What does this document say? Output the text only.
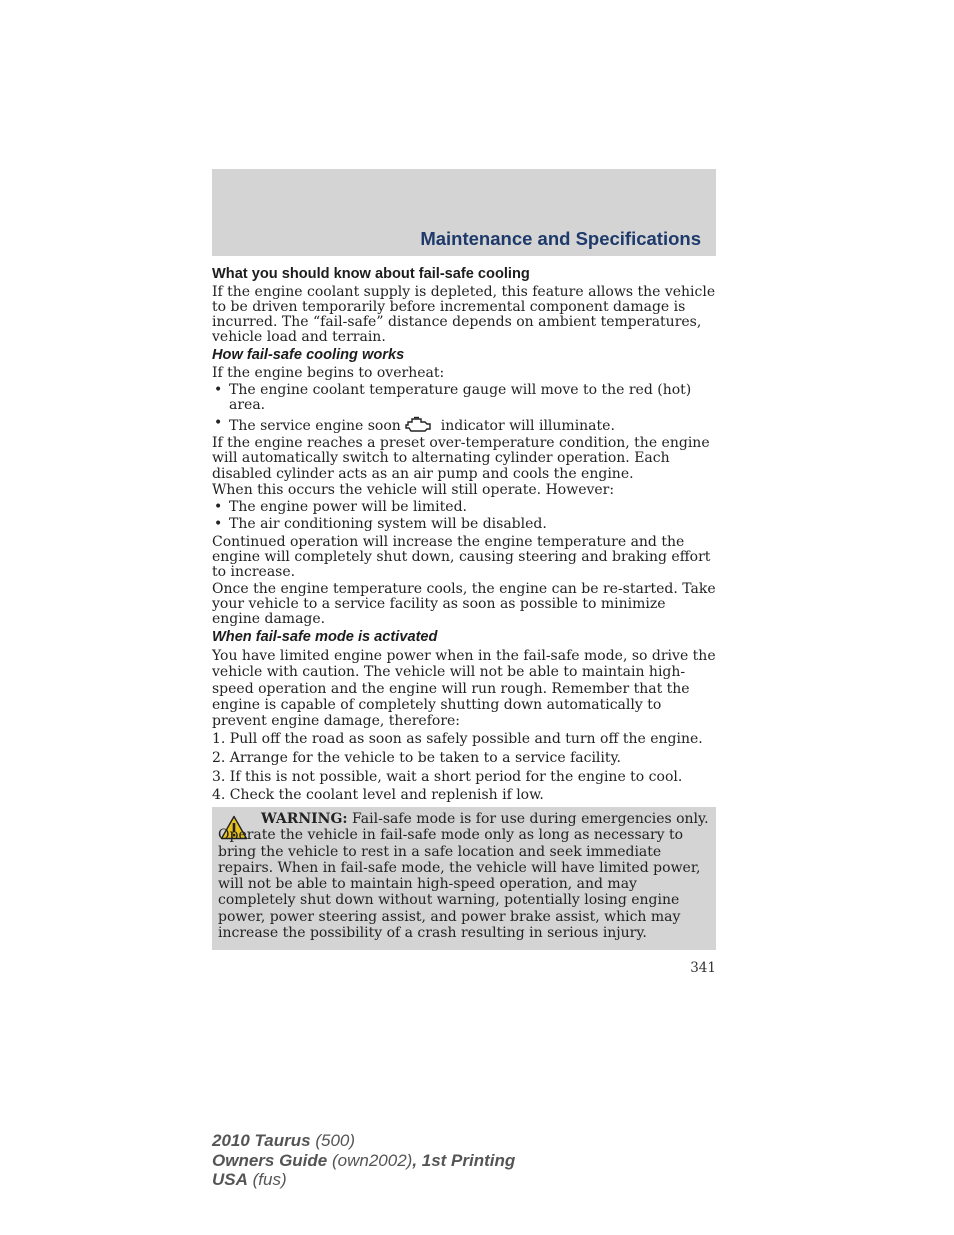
Maintenance and Specifications
What you should know about fail-safe cooling

If the engine coolant supply is depleted, this feature allows the vehicle to be driven temporarily before incremental component damage is incurred. The “fail-safe” distance depends on ambient temperatures, vehicle load and terrain.

How fail-safe cooling works

If the engine begins to overheat:

• The engine coolant temperature gauge will move to the red (hot) area.
• The service engine soon	indicator will illuminate.

If the engine reaches a preset over-temperature condition, the engine will automatically switch to alternating cylinder operation. Each disabled cylinder acts as an air pump and cools the engine.

When this occurs the vehicle will still operate. However:

• The engine power will be limited.
• The air conditioning system will be disabled.

Continued operation will increase the engine temperature and the engine will completely shut down, causing steering and braking effort to increase.

Once the engine temperature cools, the engine can be re-started. Take your vehicle to a service facility as soon as possible to minimize engine damage.

When fail-safe mode is activated

You have limited engine power when in the fail-safe mode, so drive the vehicle with caution. The vehicle will not be able to maintain high-speed operation and the engine will run rough. Remember that the engine is capable of completely shutting down automatically to prevent engine damage, therefore:

1. Pull off the road as soon as safely possible and turn off the engine.
2. Arrange for the vehicle to be taken to a service facility.
3. If this is not possible, wait a short period for the engine to cool.
4. Check the coolant level and replenish if low.
WARNING: Fail-safe mode is for use during emergencies only. Operate the vehicle in fail-safe mode only as long as necessary to bring the vehicle to rest in a safe location and seek immediate repairs. When in fail-safe mode, the vehicle will have limited power, will not be able to maintain high-speed operation, and may completely shut down without warning, potentially losing engine power, power steering assist, and power brake assist, which may increase the possibility of a crash resulting in serious injury.
341
2010 Taurus (500)
Owners Guide (own2002), 1st Printing
USA (fus)
